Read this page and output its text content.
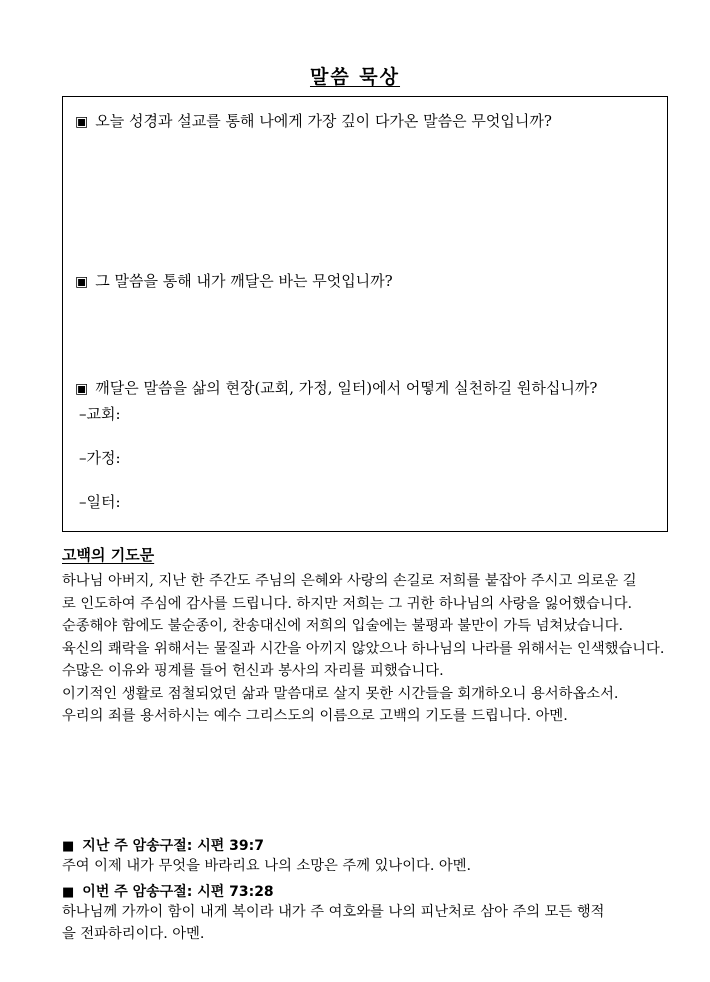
말씀 묵상
▣ 오늘 성경과 설교를 통해 나에게 가장 깊이 다가온 말씀은 무엇입니까?
▣ 그 말씀을 통해 내가 깨달은 바는 무엇입니까?
▣ 깨달은 말씀을 삶의 현장(교회, 가정, 일터)에서 어떻게 실천하길 원하십니까?
–교회:
–가정:
–일터:
고백의 기도문

하나님 아버지, 지난 한 주간도 주님의 은혜와 사랑의 손길로 저희를 붙잡아 주시고 의로운 길

로 인도하여 주심에 감사를 드립니다. 하지만 저희는 그 귀한 하나님의 사랑을 잃어했습니다.

순종해야 함에도 불순종이, 찬송대신에 저희의 입술에는 불평과 불만이 가득 넘쳐났습니다.

육신의 쾌락을 위해서는 물질과 시간을 아끼지 않았으나 하나님의 나라를 위해서는 인색했습니다.

수많은 이유와 핑계를 들어 헌신과 봉사의 자리를 피했습니다.

이기적인 생활로 점철되었던 삶과 말씀대로 살지 못한 시간들을 회개하오니 용서하옵소서.

우리의 죄를 용서하시는 예수 그리스도의 이름으로 고백의 기도를 드립니다. 아멘.

■ 지난 주 암송구절: 시편 39:7

주여 이제 내가 무엇을 바라리요 나의 소망은 주께 있나이다. 아멘.

■ 이번 주 암송구절: 시편 73:28

하나님께 가까이 함이 내게 복이라 내가 주 여호와를 나의 피난처로 삼아 주의 모든 행적

을 전파하리이다. 아멘.
